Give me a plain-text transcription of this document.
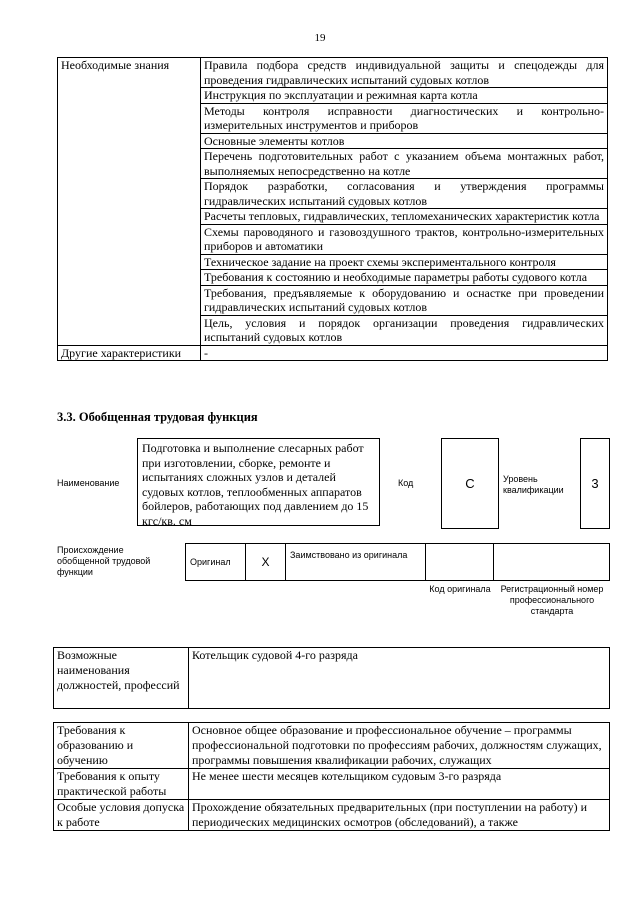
19
Необходимые знания	Правила подбора средств индивидуальной защиты и спецодежды для проведения гидравлических испытаний судовых котлов
	Инструкция по эксплуатации и режимная карта котла
	Методы контроля исправности диагностических и контрольно-измерительных инструментов и приборов
	Основные элементы котлов
	Перечень подготовительных работ с указанием объема монтажных работ, выполняемых непосредственно на котле
	Порядок разработки, согласования и утверждения программы гидравлических испытаний судовых котлов
	Расчеты тепловых, гидравлических, тепломеханических характеристик котла
	Схемы пароводяного и газовоздушного трактов, контрольно-измерительных приборов и автоматики
	Техническое задание на проект схемы экспериментального контроля
	Требования к состоянию и необходимые параметры работы судового котла
	Требования, предъявляемые к оборудованию и оснастке при проведении гидравлических испытаний судовых котлов
	Цель, условия и порядок организации проведения гидравлических испытаний судовых котлов
Другие характеристики	-
3.3. Обобщенная трудовая функция
Наименование
Подготовка и выполнение слесарных работ при изготовлении, сборке, ремонте и испытаниях сложных узлов и деталей судовых котлов, теплообменных аппаратов бойлеров, работающих под давлением до 15 кгс/кв. см
Код	C	Уровень квалификации	3
Происхождение обобщенной трудовой функции
Оригинал	X	Заимствовано из оригинала
Код оригинала	Регистрационный номер профессионального стандарта
Возможные наименования должностей, профессий	Котельщик судовой 4-го разряда
Требования к образованию и обучению	Основное общее образование и профессиональное обучение – программы профессиональной подготовки по профессиям рабочих, должностям служащих, программы повышения квалификации рабочих, служащих
Требования к опыту практической работы	Не менее шести месяцев котельщиком судовым 3-го разряда
Особые условия допуска к работе	Прохождение обязательных предварительных (при поступлении на работу) и периодических медицинских осмотров (обследований), а также
